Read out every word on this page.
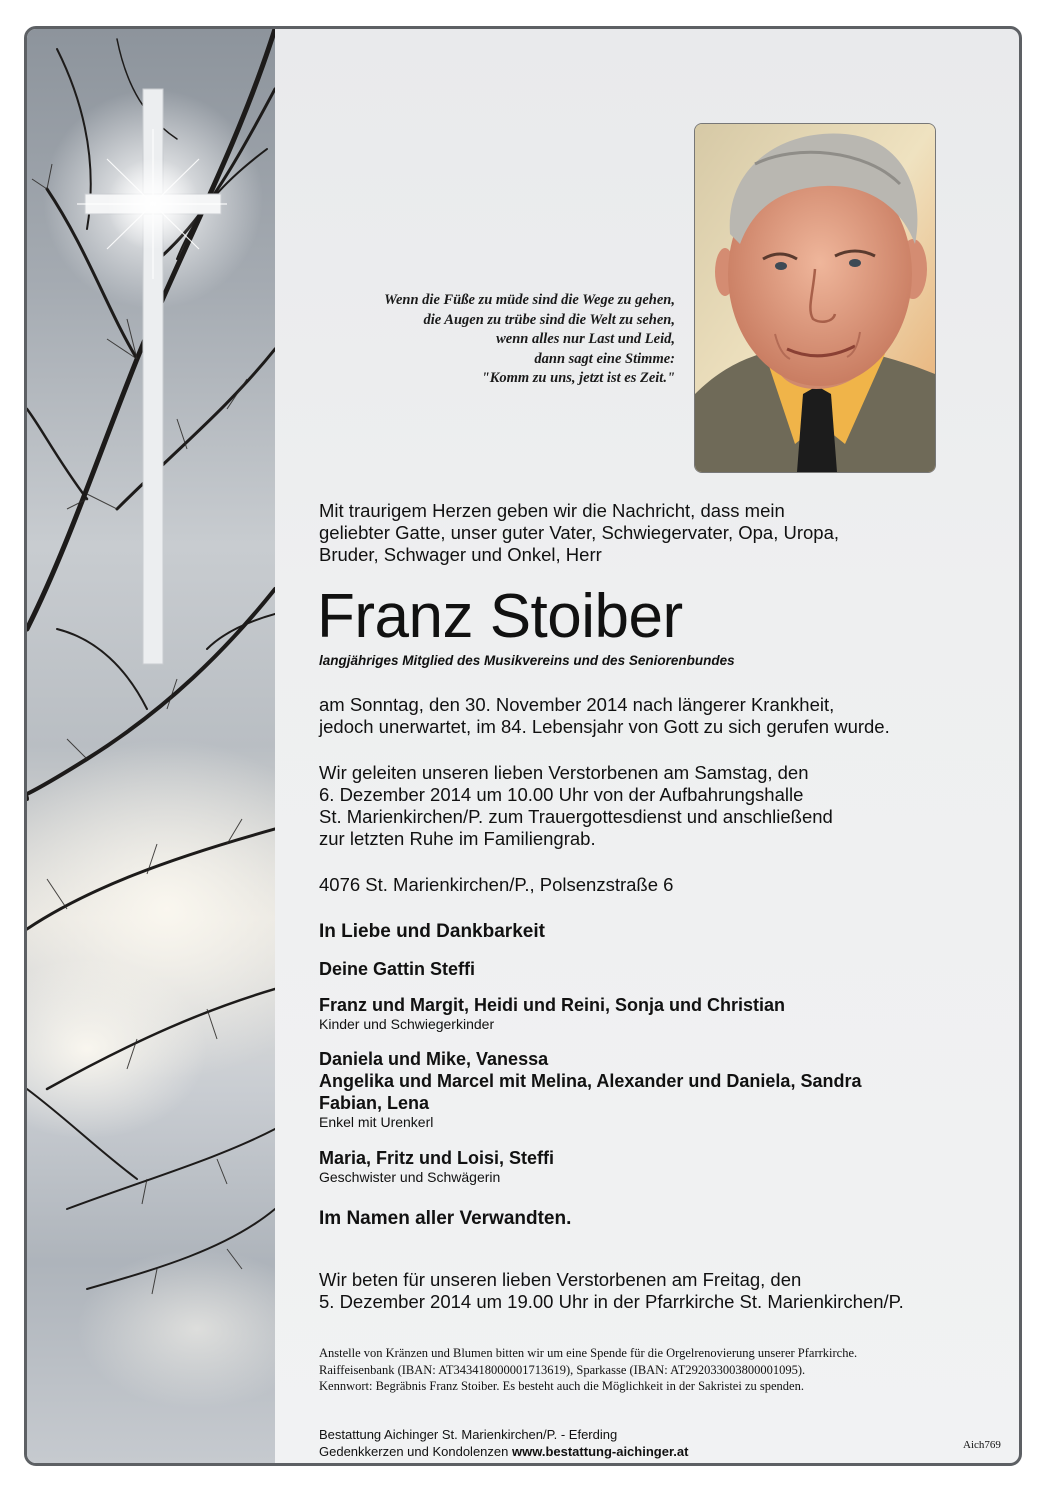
Wenn die Füße zu müde sind die Wege zu gehen,
die Augen zu trübe sind die Welt zu sehen,
wenn alles nur Last und Leid,
dann sagt eine Stimme:
"Komm zu uns, jetzt ist es Zeit."

Mit traurigem Herzen geben wir die Nachricht, dass mein
geliebter Gatte, unser guter Vater, Schwiegervater, Opa, Uropa,
Bruder, Schwager und Onkel, Herr
Franz Stoiber
langjähriges Mitglied des Musikvereins und des Seniorenbundes
am Sonntag, den 30. November 2014 nach längerer Krankheit,
jedoch unerwartet, im 84. Lebensjahr von Gott zu sich gerufen wurde.
Wir geleiten unseren lieben Verstorbenen am Samstag, den
6. Dezember 2014 um 10.00 Uhr von der Aufbahrungshalle
St. Marienkirchen/P. zum Trauergottesdienst und anschließend
zur letzten Ruhe im Familiengrab.
4076 St. Marienkirchen/P., Polsenzstraße 6
In Liebe und Dankbarkeit
Deine Gattin Steffi
Franz und Margit, Heidi und Reini, Sonja und Christian
Kinder und Schwiegerkinder
Daniela und Mike, Vanessa
Angelika und Marcel mit Melina, Alexander und Daniela, Sandra
Fabian, Lena
Enkel mit Urenkerl
Maria, Fritz und Loisi, Steffi
Geschwister und Schwägerin
Im Namen aller Verwandten.
Wir beten für unseren lieben Verstorbenen am Freitag, den
5. Dezember 2014 um 19.00 Uhr in der Pfarrkirche St. Marienkirchen/P.

Anstelle von Kränzen und Blumen bitten wir um eine Spende für die Orgelrenovierung unserer Pfarrkirche.
Raiffeisenbank (IBAN: AT343418000001713619), Sparkasse (IBAN: AT292033003800001095).
Kennwort: Begräbnis Franz Stoiber. Es besteht auch die Möglichkeit in der Sakristei zu spenden.

Bestattung Aichinger St. Marienkirchen/P. - Eferding
Gedenkkerzen und Kondolenzen www.bestattung-aichinger.at	Aich769
